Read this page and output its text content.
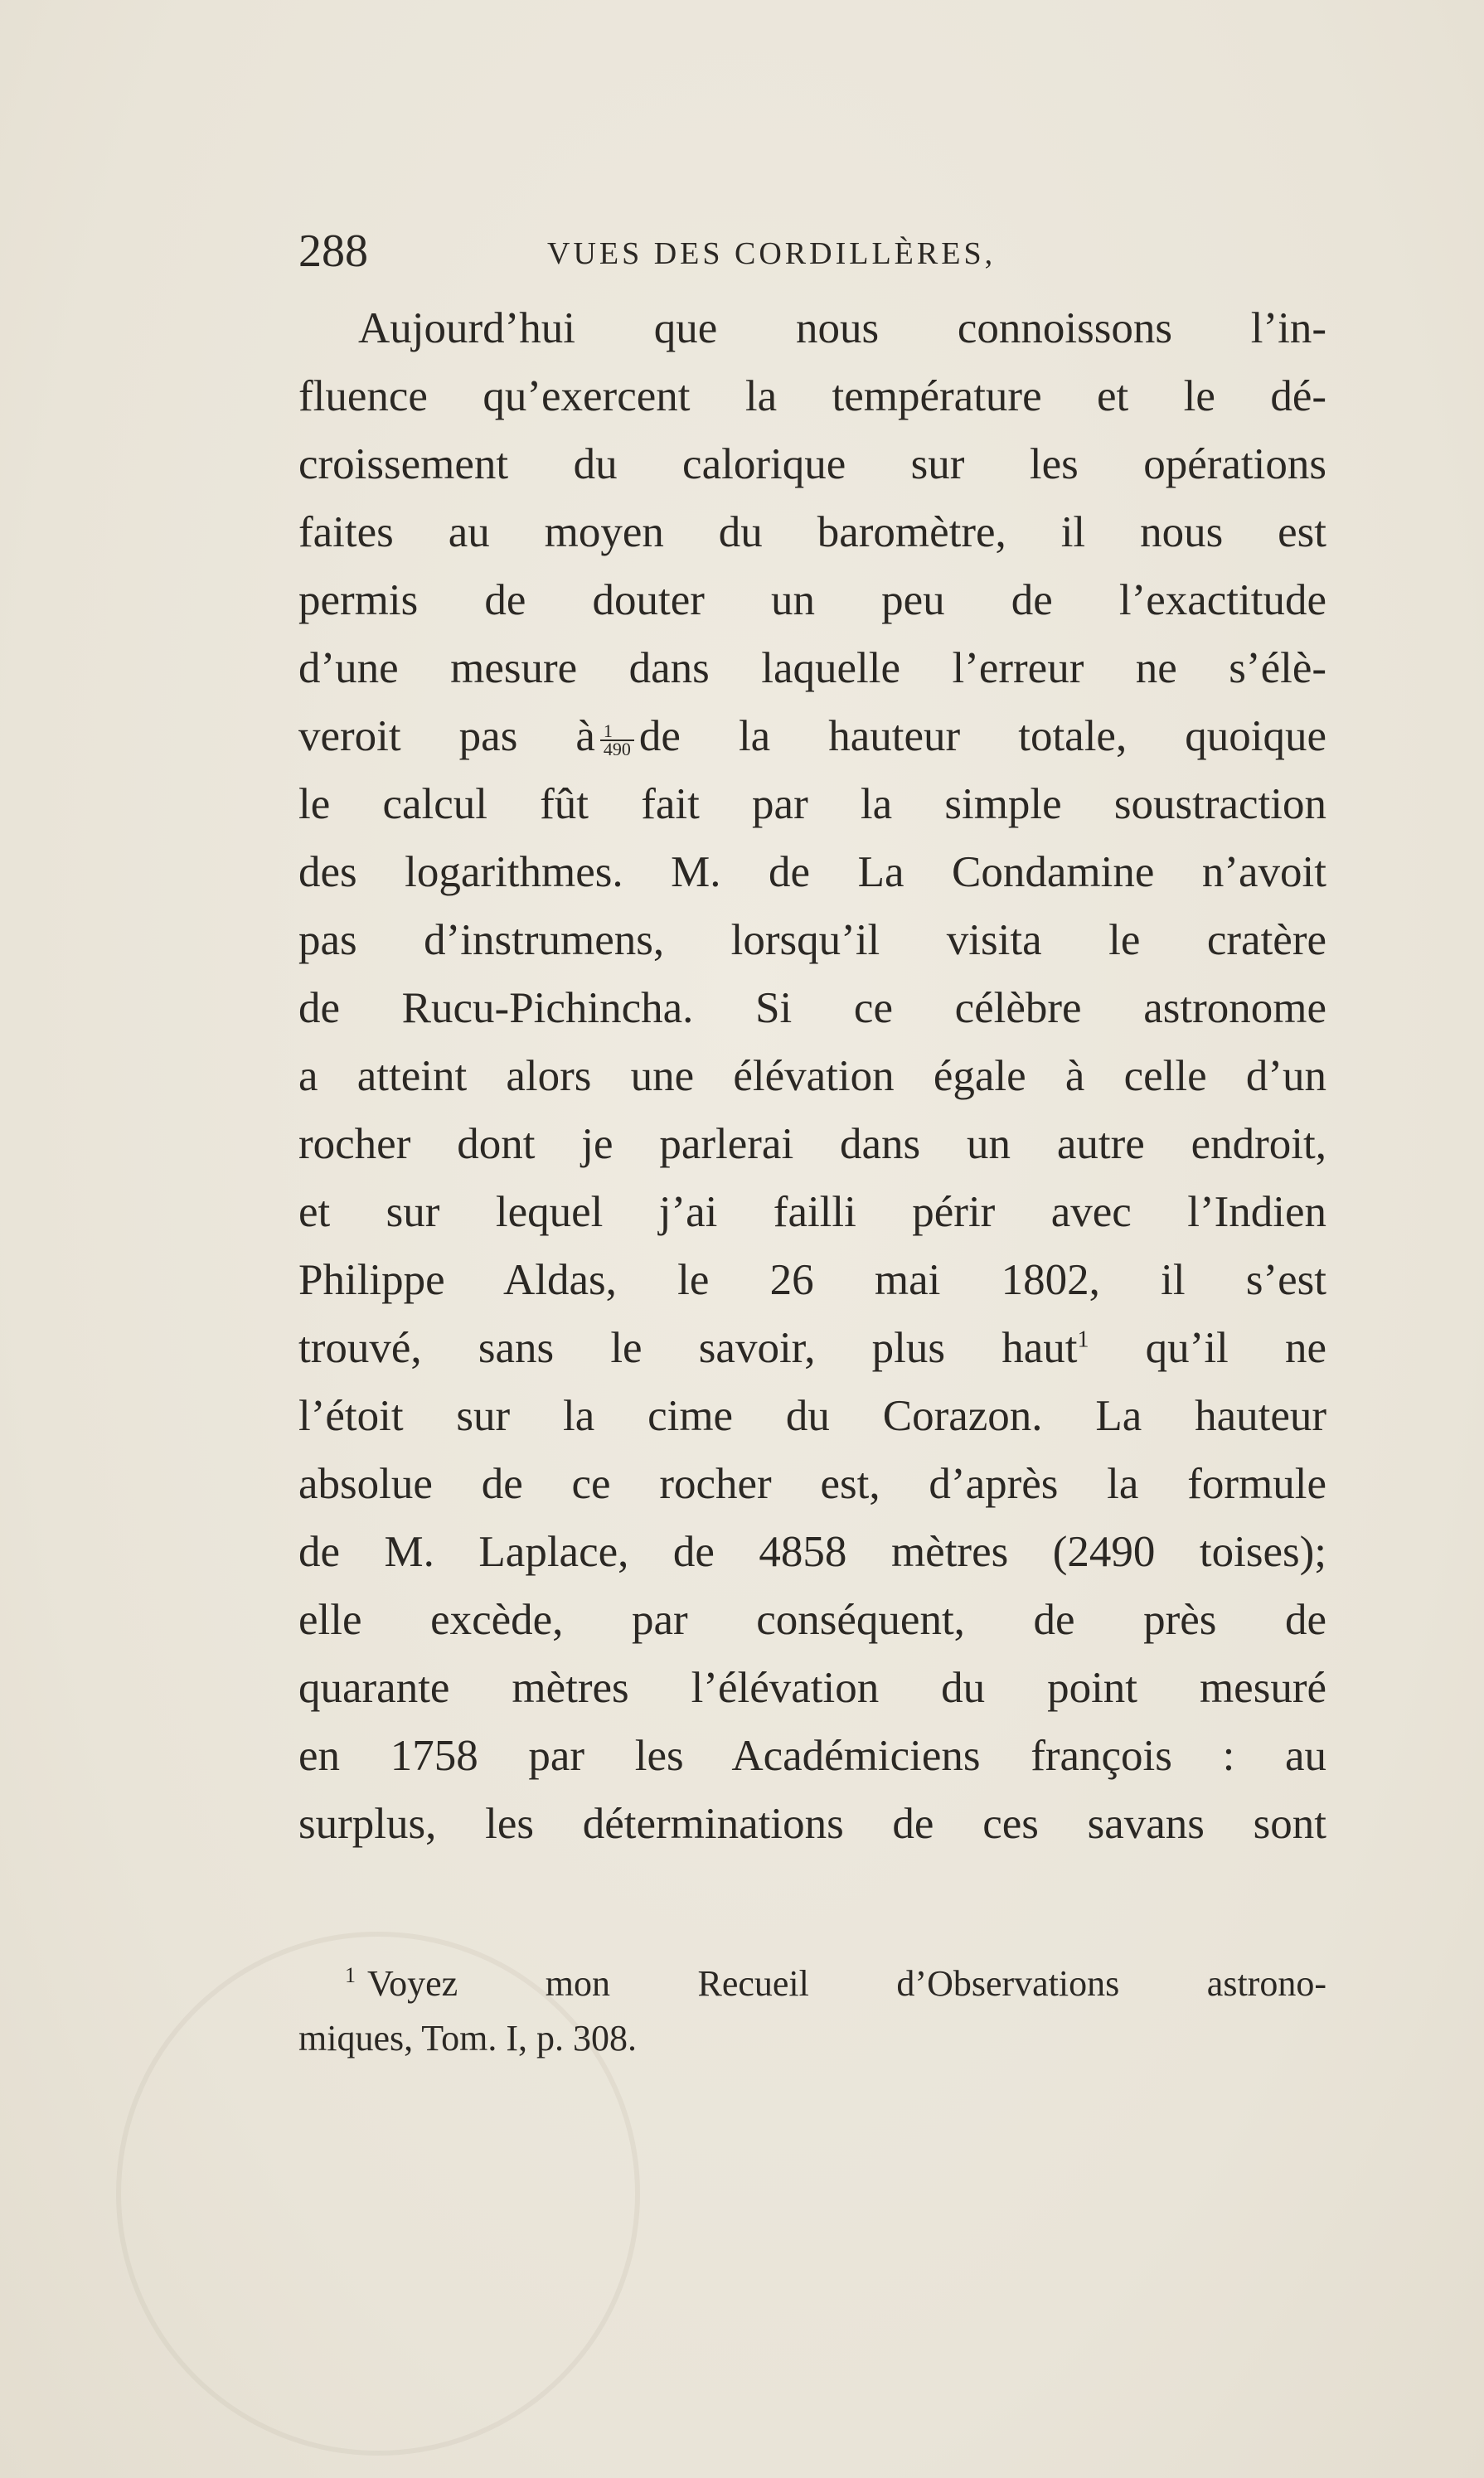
288	VUES DES CORDILLÈRES,
Aujourd’hui que nous connoissons l’in-
fluence qu’exercent la température et le dé-
croissement du calorique sur les opérations
faites au moyen du baromètre, il nous est
permis de douter un peu de l’exactitude
d’une mesure dans laquelle l’erreur ne s’élè-
veroit pas à $\frac{1}{490}$ de la hauteur totale, quoique
le calcul fût fait par la simple soustraction
des logarithmes. M. de La Condamine n’avoit
pas d’instrumens, lorsqu’il visita le cratère
de Rucu-Pichincha. Si ce célèbre astronome
a atteint alors une élévation égale à celle d’un
rocher dont je parlerai dans un autre endroit,
et sur lequel j’ai failli périr avec l’Indien
Philippe Aldas, le 26 mai 1802, il s’est
trouvé, sans le savoir, plus haut$^1$ qu’il ne
l’étoit sur la cime du Corazon. La hauteur
absolue de ce rocher est, d’après la formule
de M. Laplace, de 4858 mètres (2490 toises);
elle excède, par conséquent, de près de
quarante mètres l’élévation du point mesuré
en 1758 par les Académiciens françois : au
surplus, les déterminations de ces savans sont
$^1$ Voyez mon Recueil d’Observations astrono-
miques, Tom. I, p. 308.
